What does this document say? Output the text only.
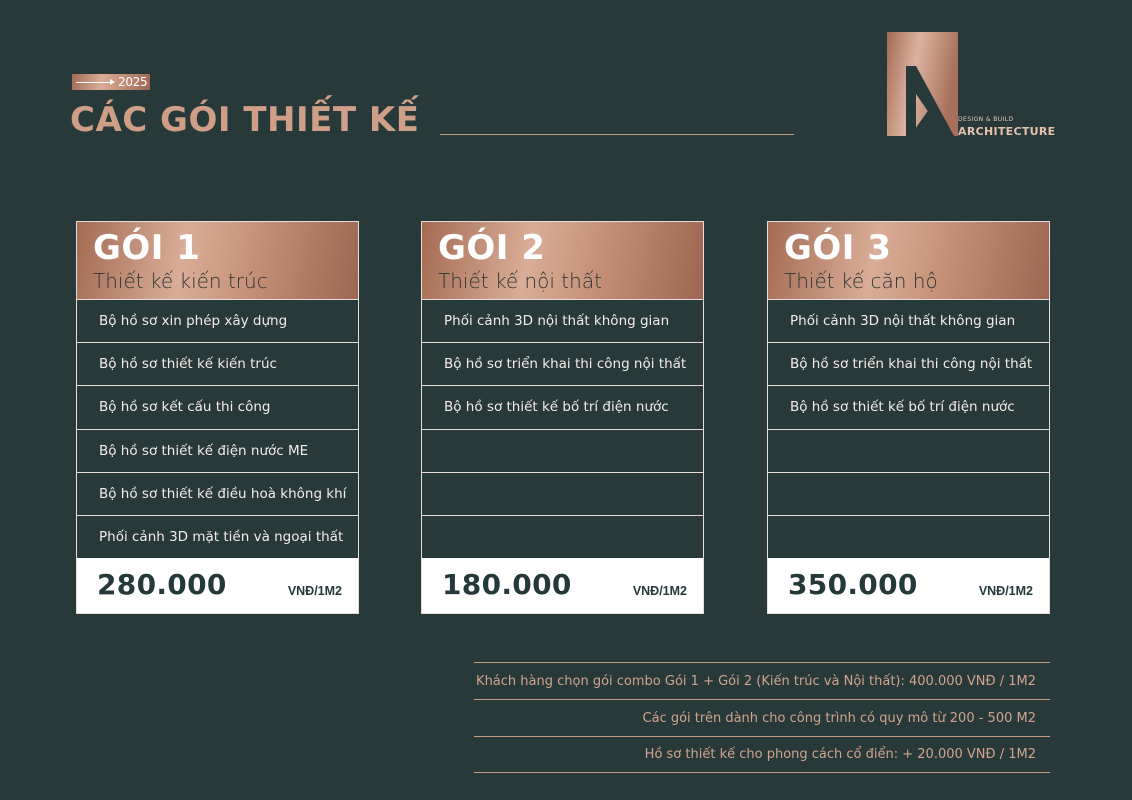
2025
CÁC GÓI THIẾT KẾ	DESIGN & BUILD
ARCHITECTURE
GÓI 1
Thiết kế kiến trúc
Bộ hồ sơ xin phép xây dựng
Bộ hồ sơ thiết kế kiến trúc
Bộ hồ sơ kết cấu thi công
Bộ hồ sơ thiết kế điện nước ME
Bộ hồ sơ thiết kế điều hoà không khí
Phối cảnh 3D mặt tiền và ngoại thất
280.000	VNĐ/1M2
GÓI 2
Thiết kế nội thất
Phối cảnh 3D nội thất không gian
Bộ hồ sơ triển khai thi công nội thất
Bộ hồ sơ thiết kế bố trí điện nước
180.000	VNĐ/1M2
GÓI 3
Thiết kế căn hộ
Phối cảnh 3D nội thất không gian
Bộ hồ sơ triển khai thi công nội thất
Bộ hồ sơ thiết kế bố trí điện nước
350.000	VNĐ/1M2
Khách hàng chọn gói combo Gói 1 + Gói 2 (Kiến trúc và Nội thất): 400.000 VNĐ / 1M2
Các gói trên dành cho công trình có quy mô từ 200 - 500 M2
Hồ sơ thiết kế cho phong cách cổ điển: + 20.000 VNĐ / 1M2
